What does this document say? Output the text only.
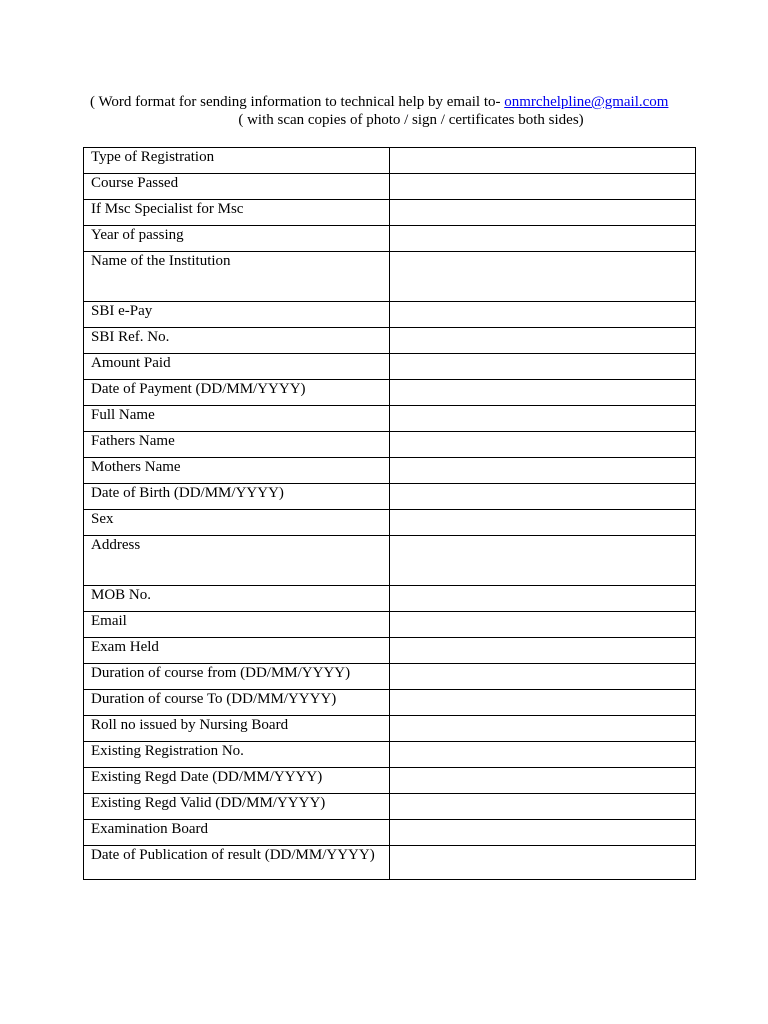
( Word format for sending information to technical help by email to- onmrchelpline@gmail.com
( with scan copies of photo / sign / certificates both sides)
Type of Registration	
Course Passed	
If Msc Specialist for Msc	
Year of passing	
Name of the Institution	
SBI e-Pay	
SBI Ref. No.	
Amount Paid	
Date of Payment (DD/MM/YYYY)	
Full Name	
Fathers Name	
Mothers Name	
Date of Birth (DD/MM/YYYY)	
Sex	
Address	
MOB No.	
Email	
Exam Held	
Duration of course from (DD/MM/YYYY)	
Duration of course To (DD/MM/YYYY)	
Roll no issued by Nursing Board	
Existing Registration No.	
Existing Regd Date (DD/MM/YYYY)	
Existing Regd Valid (DD/MM/YYYY)	
Examination Board	
Date of Publication of result (DD/MM/YYYY)	
